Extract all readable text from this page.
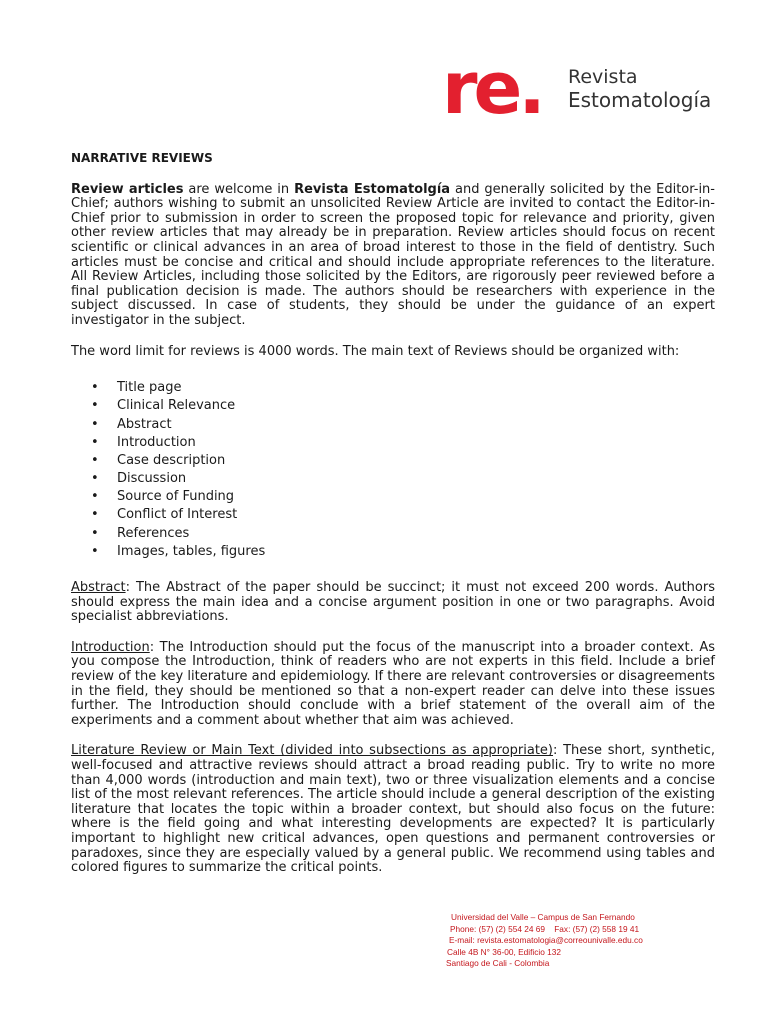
re. Revista
Estomatología
NARRATIVE REVIEWS

Review articles are welcome in Revista Estomatolgía and generally solicited by the Editor-in-Chief; authors wishing to submit an unsolicited Review Article are invited to contact the Editor-in-Chief prior to submission in order to screen the proposed topic for relevance and priority, given other review articles that may already be in preparation. Review articles should focus on recent scientific or clinical advances in an area of broad interest to those in the field of dentistry. Such articles must be concise and critical and should include appropriate references to the literature. All Review Articles, including those solicited by the Editors, are rigorously peer reviewed before a final publication decision is made. The authors should be researchers with experience in the subject discussed. In case of students, they should be under the guidance of an expert investigator in the subject.

The word limit for reviews is 4000 words. The main text of Reviews should be organized with:

• Title page
• Clinical Relevance
• Abstract
• Introduction
• Case description
• Discussion
• Source of Funding
• Conflict of Interest
• References
• Images, tables, figures

Abstract: The Abstract of the paper should be succinct; it must not exceed 200 words. Authors should express the main idea and a concise argument position in one or two paragraphs. Avoid specialist abbreviations.

Introduction: The Introduction should put the focus of the manuscript into a broader context. As you compose the Introduction, think of readers who are not experts in this field. Include a brief review of the key literature and epidemiology. If there are relevant controversies or disagreements in the field, they should be mentioned so that a non-expert reader can delve into these issues further. The Introduction should conclude with a brief statement of the overall aim of the experiments and a comment about whether that aim was achieved.

Literature Review or Main Text (divided into subsections as appropriate): These short, synthetic, well-focused and attractive reviews should attract a broad reading public. Try to write no more than 4,000 words (introduction and main text), two or three visualization elements and a concise list of the most relevant references. The article should include a general description of the existing literature that locates the topic within a broader context, but should also focus on the future: where is the field going and what interesting developments are expected? It is particularly important to highlight new critical advances, open questions and permanent controversies or paradoxes, since they are especially valued by a general public. We recommend using tables and colored figures to summarize the critical points.

Universidad del Valle – Campus de San Fernando
Phone: (57) (2) 554 24 69    Fax: (57) (2) 558 19 41
E-mail: revista.estomatologia@correounivalle.edu.co
Calle 4B N° 36-00, Edificio 132
Santiago de Cali - Colombia
